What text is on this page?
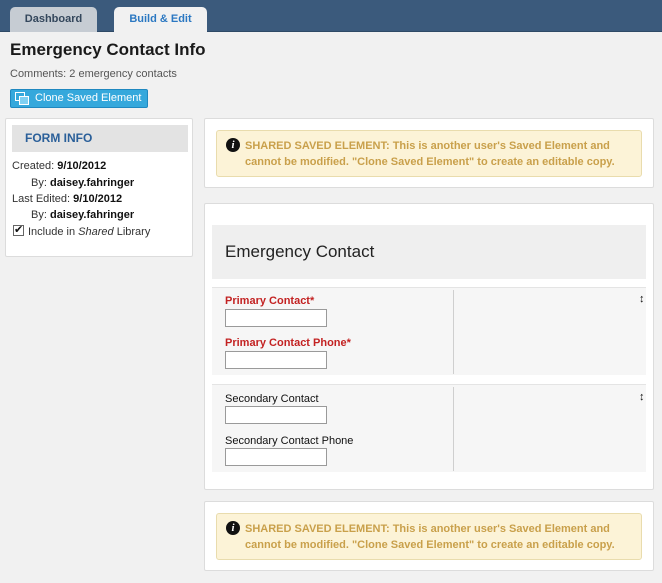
Dashboard	Build & Edit
Emergency Contact Info
Comments: 2 emergency contacts
Clone Saved Element
FORM INFO
Created: 9/10/2012
By: daisey.fahringer
Last Edited: 9/10/2012
By: daisey.fahringer
✔Include in Shared Library
i SHARED SAVED ELEMENT: This is another user's Saved Element and cannot be modified. "Clone Saved Element" to create an editable copy.
Emergency Contact
Primary Contact*
Primary Contact Phone*
↕
Secondary Contact
Secondary Contact Phone
↕
i SHARED SAVED ELEMENT: This is another user's Saved Element and cannot be modified. "Clone Saved Element" to create an editable copy.
